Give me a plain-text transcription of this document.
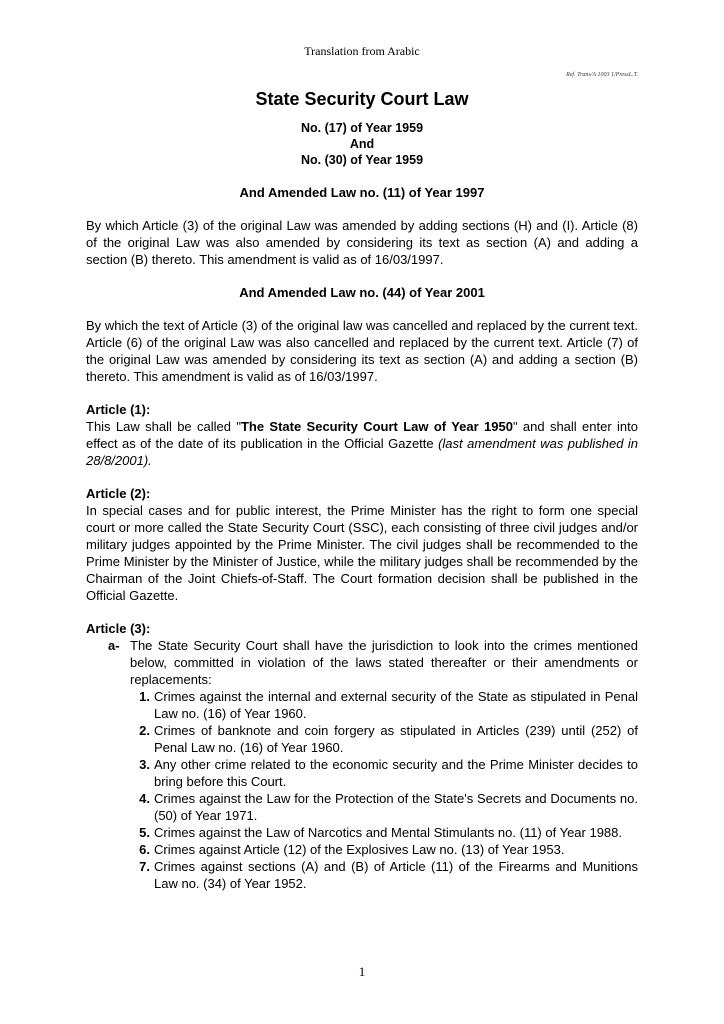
Translation from Arabic
Ref. Trans/A 1003 1/PressL.T.
State Security Court Law
No. (17) of Year 1959
And
No. (30) of Year 1959
And Amended Law no. (11) of Year 1997

By which Article (3) of the original Law was amended by adding sections (H) and (I). Article (8) of the original Law was also amended by considering its text as section (A) and adding a section (B) thereto. This amendment is valid as of 16/03/1997.

And Amended Law no. (44) of Year 2001

By which the text of Article (3) of the original law was cancelled and replaced by the current text. Article (6) of the original Law was also cancelled and replaced by the current text. Article (7) of the original Law was amended by considering its text as section (A) and adding a section (B) thereto. This amendment is valid as of 16/03/1997.

Article (1):

This Law shall be called "The State Security Court Law of Year 1950" and shall enter into effect as of the date of its publication in the Official Gazette (last amendment was published in 28/8/2001).

Article (2):

In special cases and for public interest, the Prime Minister has the right to form one special court or more called the State Security Court (SSC), each consisting of three civil judges and/or military judges appointed by the Prime Minister. The civil judges shall be recommended to the Prime Minister by the Minister of Justice, while the military judges shall be recommended by the Chairman of the Joint Chiefs-of-Staff. The Court formation decision shall be published in the Official Gazette.

Article (3):
a- The State Security Court shall have the jurisdiction to look into the crimes mentioned below, committed in violation of the laws stated thereafter or their amendments or replacements:
1. Crimes against the internal and external security of the State as stipulated in Penal Law no. (16) of Year 1960.
2. Crimes of banknote and coin forgery as stipulated in Articles (239) until (252) of Penal Law no. (16) of Year 1960.
3. Any other crime related to the economic security and the Prime Minister decides to bring before this Court.
4. Crimes against the Law for the Protection of the State's Secrets and Documents no. (50) of Year 1971.
5. Crimes against the Law of Narcotics and Mental Stimulants no. (11) of Year 1988.
6. Crimes against Article (12) of the Explosives Law no. (13) of Year 1953.
7. Crimes against sections (A) and (B) of Article (11) of the Firearms and Munitions Law no. (34) of Year 1952.
1
